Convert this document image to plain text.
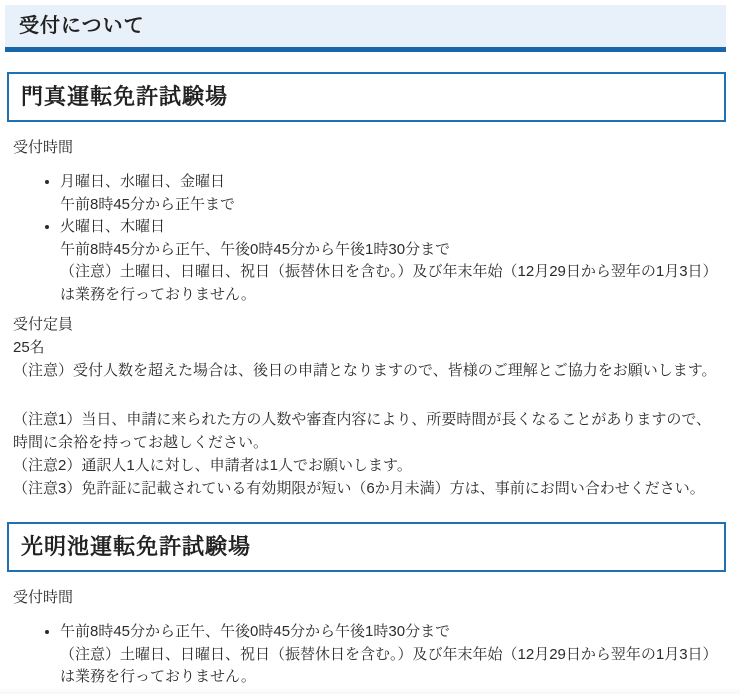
受付について
門真運転免許試験場

受付時間

• 月曜日、水曜日、金曜日
午前8時45分から正午まで
• 火曜日、木曜日
午前8時45分から正午、午後0時45分から午後1時30分まで
（注意）土曜日、日曜日、祝日（振替休日を含む。）及び年末年始（12月29日から翌年の1月3日）
は業務を行っておりません。
受付定員
25名
（注意）受付人数を超えた場合は、後日の申請となりますので、皆様のご理解とご協力をお願いします。
（注意1）当日、申請に来られた方の人数や審査内容により、所要時間が長くなることがありますので、
時間に余裕を持ってお越しください。
（注意2）通訳人1人に対し、申請者は1人でお願いします。
（注意3）免許証に記載されている有効期限が短い（6か月未満）方は、事前にお問い合わせください。
光明池運転免許試験場

受付時間

• 午前8時45分から正午、午後0時45分から午後1時30分まで
（注意）土曜日、日曜日、祝日（振替休日を含む。）及び年末年始（12月29日から翌年の1月3日）
は業務を行っておりません。
